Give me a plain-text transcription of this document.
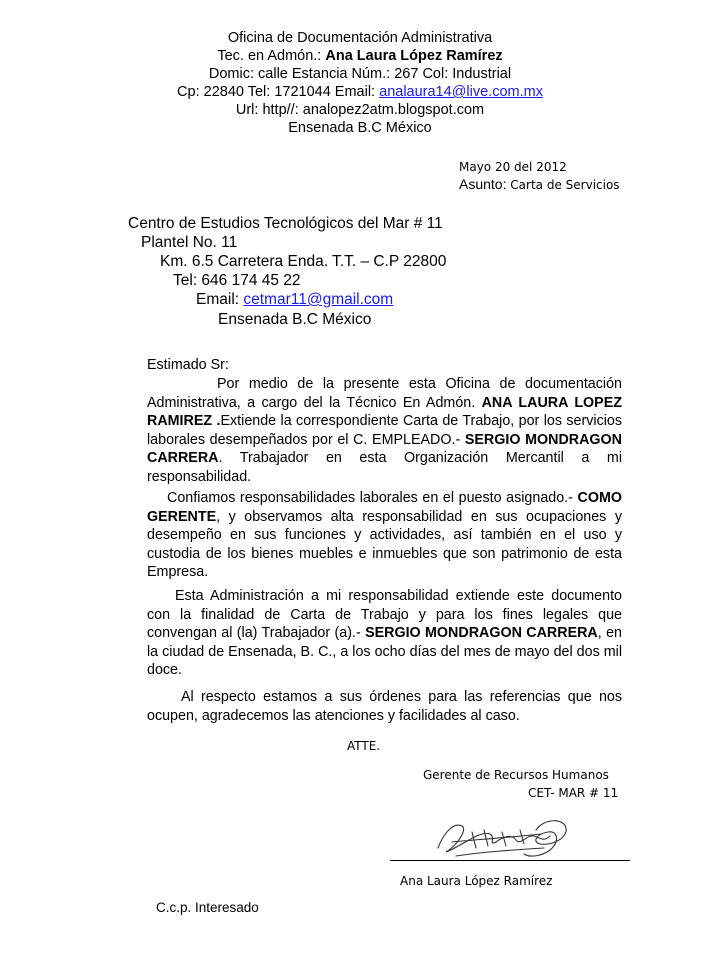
Oficina de Documentación Administrativa
Tec. en Admón.: Ana Laura López Ramírez
Domic: calle Estancia Núm.: 267 Col: Industrial
Cp: 22840 Tel: 1721044 Email: analaura14@live.com.mx
Url: http//: analopez2atm.blogspot.com
Ensenada B.C México
Mayo 20 del 2012
Asunto: Carta de Servicios
Centro de Estudios Tecnológicos del Mar # 11
Plantel No. 11
Km. 6.5 Carretera Enda. T.T. – C.P 22800
Tel: 646 174 45 22
Email: cetmar11@gmail.com
Ensenada B.C México
Estimado Sr:

Por medio de la presente esta Oficina de documentación Administrativa, a cargo del la Técnico En Admón. ANA LAURA LOPEZ RAMIREZ .Extiende la correspondiente Carta de Trabajo, por los servicios laborales desempeñados por el C. EMPLEADO.- SERGIO MONDRAGON CARRERA. Trabajador en esta Organización Mercantil a mi responsabilidad.

Confiamos responsabilidades laborales en el puesto asignado.- COMO GERENTE, y observamos alta responsabilidad en sus ocupaciones y desempeño en sus funciones y actividades, así también en el uso y custodia de los bienes muebles e inmuebles que son patrimonio de esta Empresa.

Esta Administración a mi responsabilidad extiende este documento con la finalidad de Carta de Trabajo y para los fines legales que convengan al (la) Trabajador (a).- SERGIO MONDRAGON CARRERA, en la ciudad de Ensenada, B. C., a los ocho días del mes de mayo del dos mil doce.

Al respecto estamos a sus órdenes para las referencias que nos ocupen, agradecemos las atenciones y facilidades al caso.

ATTE.
Gerente de Recursos Humanos
CET- MAR # 11
Ana Laura López Ramírez
C.c.p. Interesado
